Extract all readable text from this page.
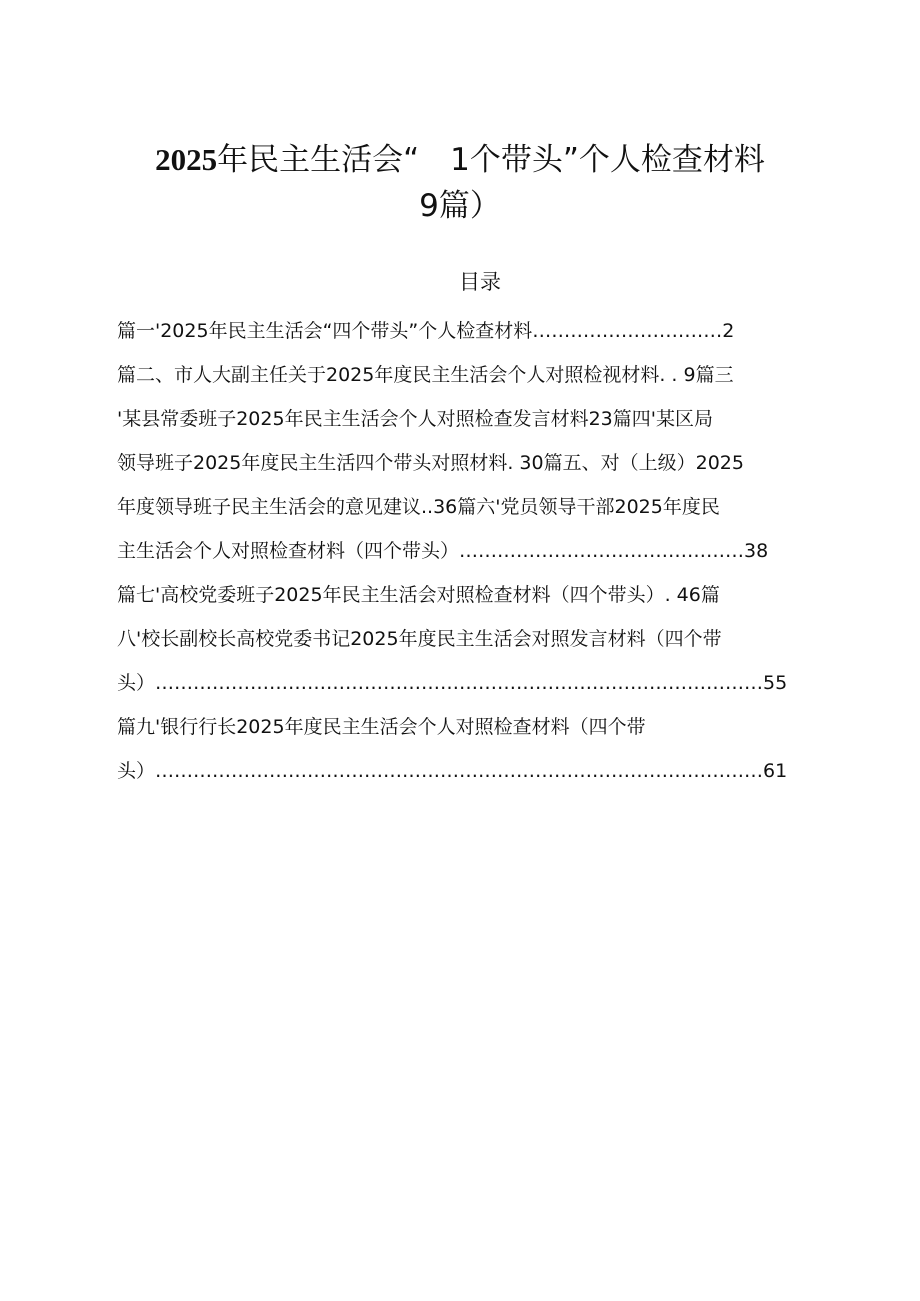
2025年民主生活会“　1个带头”个人检查材料
9篇）
目录
篇一'2025年民主生活会“四个带头”个人检查材料…………………………2
篇二、市人大副主任关于2025年度民主生活会个人对照检视材料. . 9篇三
'某县常委班子2025年民主生活会个人对照检查发言材料23篇四'某区局
领导班子2025年度民主生活四个带头对照材料. 30篇五、对（上级）2025
年度领导班子民主生活会的意见建议..36篇六'党员领导干部2025年度民
主生活会个人对照检查材料（四个带头）………………………………………38
篇七'高校党委班子2025年民主生活会对照检查材料（四个带头）. 46篇
八'校长副校长高校党委书记2025年度民主生活会对照发言材料（四个带
头）……………………………………………………………………………………55
篇九'银行行长2025年度民主生活会个人对照检查材料（四个带
头）……………………………………………………………………………………61
